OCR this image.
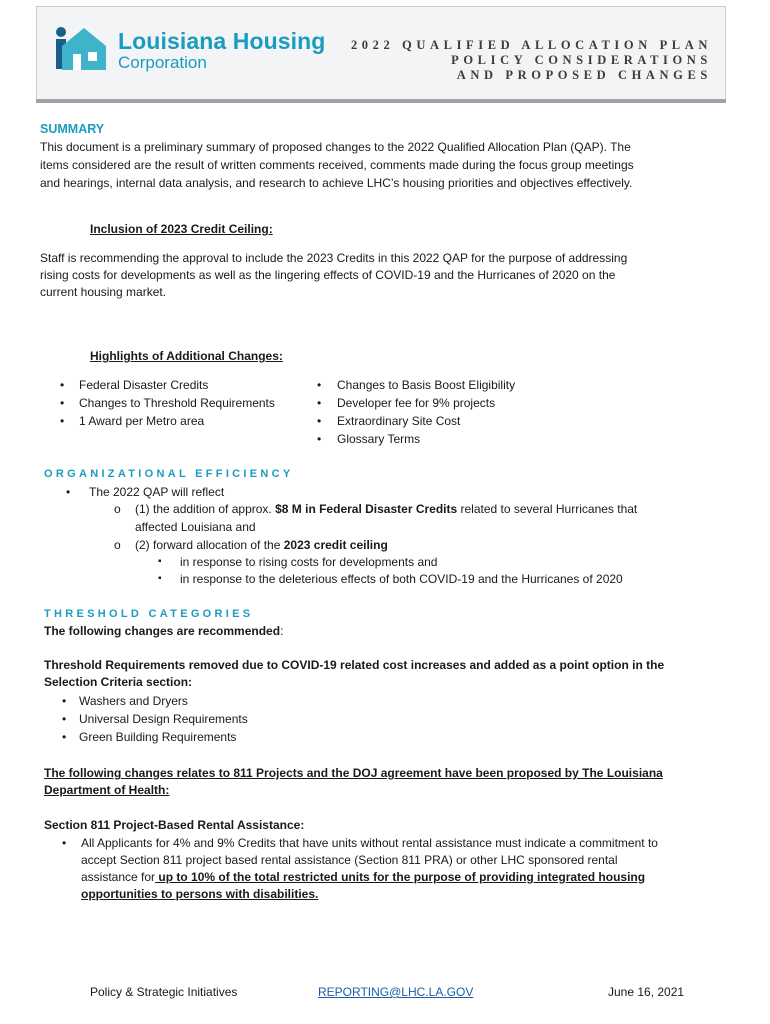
Louisiana Housing
Corporation
2022 QUALIFIED ALLOCATION PLAN
POLICY CONSIDERATIONS
AND PROPOSED CHANGES
SUMMARY
This document is a preliminary summary of proposed changes to the 2022 Qualified Allocation Plan (QAP). The
items considered are the result of written comments received, comments made during the focus group meetings
and hearings, internal data analysis, and research to achieve LHC’s housing priorities and objectives effectively.
Inclusion of 2023 Credit Ceiling:
Staff is recommending the approval to include the 2023 Credits in this 2022 QAP for the purpose of addressing
rising costs for developments as well as the lingering effects of COVID-19 and the Hurricanes of 2020 on the
current housing market.
Highlights of Additional Changes:
• Federal Disaster Credits
• Changes to Threshold Requirements
• 1 Award per Metro area
• Changes to Basis Boost Eligibility
• Developer fee for 9% projects
• Extraordinary Site Cost
• Glossary Terms
ORGANIZATIONAL EFFICIENCY
• The 2022 QAP will reflect
o (1) the addition of approx. $8 M in Federal Disaster Credits related to several Hurricanes that
affected Louisiana and
o (2) forward allocation of the 2023 credit ceiling
▪ in response to rising costs for developments and
▪ in response to the deleterious effects of both COVID-19 and the Hurricanes of 2020
THRESHOLD CATEGORIES
The following changes are recommended:
Threshold Requirements removed due to COVID-19 related cost increases and added as a point option in the
Selection Criteria section:
• Washers and Dryers
• Universal Design Requirements
• Green Building Requirements
The following changes relates to 811 Projects and the DOJ agreement have been proposed by The Louisiana
Department of Health:
Section 811 Project-Based Rental Assistance:
• All Applicants for 4% and 9% Credits that have units without rental assistance must indicate a commitment to
accept Section 811 project based rental assistance (Section 811 PRA) or other LHC sponsored rental
assistance for up to 10% of the total restricted units for the purpose of providing integrated housing
opportunities to persons with disabilities.
Policy & Strategic Initiatives	REPORTING@LHC.LA.GOV	June 16, 2021
